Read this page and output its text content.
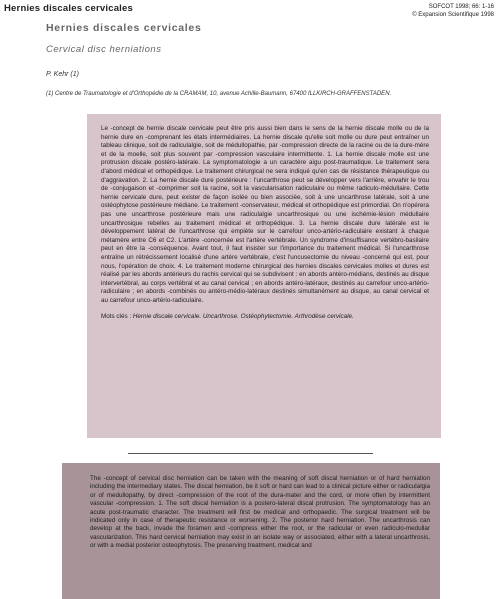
Hernies discales cervicales	SOFCOT 1998; 66: 1-16
© Expansion Scientifique 1998
Hernies discales cervicales
Cervical disc herniations
P. Kehr (1)
(1) Centre de Traumatologie et d'Orthopédie de la CRAMAM, 10, avenue Achille-Baumann, 67400 ILLKIRCH-GRAFFENSTADEN.

Le -concept de hernie discale cervicale peut être pris aussi bien dans le sens de la hernie discale molle ou de la hernie dure en -comprenant les états intermédiaires. La hernie discale qu'elle soit molle ou dure peut entraîner un tableau clinique, soit de radiculalgie, soit de médullopathie, par -compression directe de la racine ou de la dure-mère et de la moelle, soit plus souvent par -compression vasculaire intermittente. 1. La hernie discale molle est une protrusion discale postéro-latérale. La symptomatologie a un caractère aigu post-traumatique. Le traitement sera d'abord médical et orthopédique. Le traitement chirurgical ne sera indiqué qu'en cas de résistance thérapeutique ou d'aggravation. 2. La hernie discale dure postérieure : l'uncarthrose peut se développer vers l'arrière, envahir le trou de -conjugaison et -comprimer soit la racine, soit la vascularisation radiculaire ou même radiculo-médullaire. Cette hernie cervicale dure, peut exister de façon isolée ou bien associée, soit à une uncarthrose latérale, soit à une ostéophytose postérieure médiane. Le traitement -conservateur, médical et orthopédique est primordial. On n'opérera pas une uncarthrose postérieure mais une radiculalgie uncarthrosique ou une ischémie-lésion médullaire uncarthrosique rebelles au traitement médical et orthopédique. 3. La hernie discale dure latérale est le développement latéral de l'uncarthrose qui empiète sur le carrefour unco-artério-radiculaire existant à chaque métamère entre C6 et C2. L'artère -concernée est l'artère vertébrale. Un syndrome d'insuffisance vertébro-basilaire peut en être la -conséquence. Avant tout, il faut insister sur l'importance du traitement médical. Si l'uncarthrose entraîne un rétrécissement localisé d'une artère vertébrale, c'est l'uncusectomie du niveau -concerné qui est, pour nous, l'opération de choix. 4. Le traitement moderne chirurgical des hernies discales cervicales molles et dures est réalisé par les abords antérieurs du rachis cervical qui se subdivisent : en abords antéro-médians, destinés au disque intervertébral, au corps vertébral et au canal cervical ; en abords antéro-latéraux, destinés au carrefour unco-artério-radiculaire ; en abords -combinés ou antéro-médio-latéraux destinés simultanément au disque, au canal cervical et au carrefour unco-artério-radiculaire.

Mots clés : Hernie discale cervicale. Uncarthrose. Ostéophytectomie. Arthrodèse cervicale.

The -concept of cervical disc herniation can be taken with the meaning of soft discal herniation or of hard herniation including the intermediary states. The discal herniation, be it soft or hard can lead to a clinical picture either or radiculalgia or of medullopathy, by direct -compression of the root of the dura-mater and the cord, or more often by intermittent vascular -compression. 1. The soft discal herniation is a postero-lateral discal protrusion. The symptomatology has an acute post-traumatic character. The treatment will first be medical and orthopaedic. The surgical treatment will be indicated only in case of therapeutic resistance or worsening. 2. The posterior hard herniation. The uncarthrosis can develop at the back, invade the foramen and -compress either the root, or the radicular or even radiculo-medullar vascularization. This hard cervical herniation may exist in an isolate way or associated, either with a lateral uncarthrosis, or with a medial posterior osteophytosis. The preserving treatment, medical and
